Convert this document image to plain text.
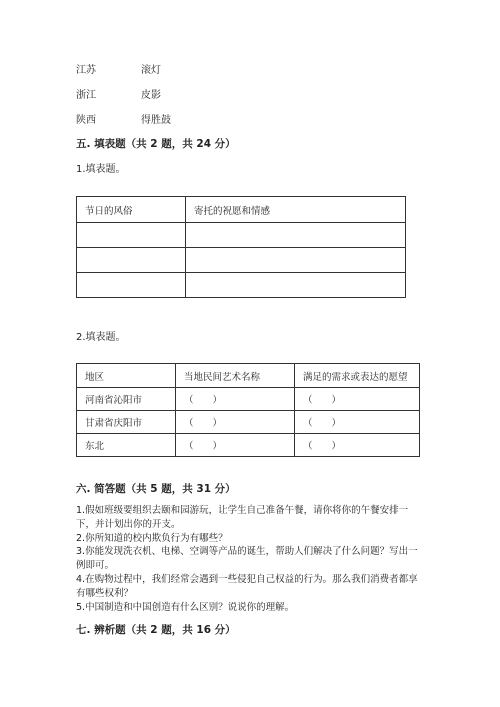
江苏	滚灯
浙江	皮影
陕西	得胜鼓
五. 填表题（共 2 题，共 24 分）
1.填表题。
节日的风俗	寄托的祝愿和情感

2.填表题。
地区	当地民间艺术名称	满足的需求或表达的愿望
河南省沁阳市	（　　）	（　　）
甘肃省庆阳市	（　　）	（　　）
东北	（　　）	（　　）
六. 简答题（共 5 题，共 31 分）
1.假如班级要组织去颐和园游玩，让学生自己准备午餐，请你将你的午餐安排一下，并计划出你的开支。
2.你所知道的校内欺负行为有哪些？
3.你能发现洗衣机、电梯、空调等产品的诞生，帮助人们解决了什么问题？写出一例即可。
4.在购物过程中，我们经常会遇到一些侵犯自己权益的行为。那么我们消费者都享有哪些权利？
5.中国制造和中国创造有什么区别？说说你的理解。
七. 辨析题（共 2 题，共 16 分）
